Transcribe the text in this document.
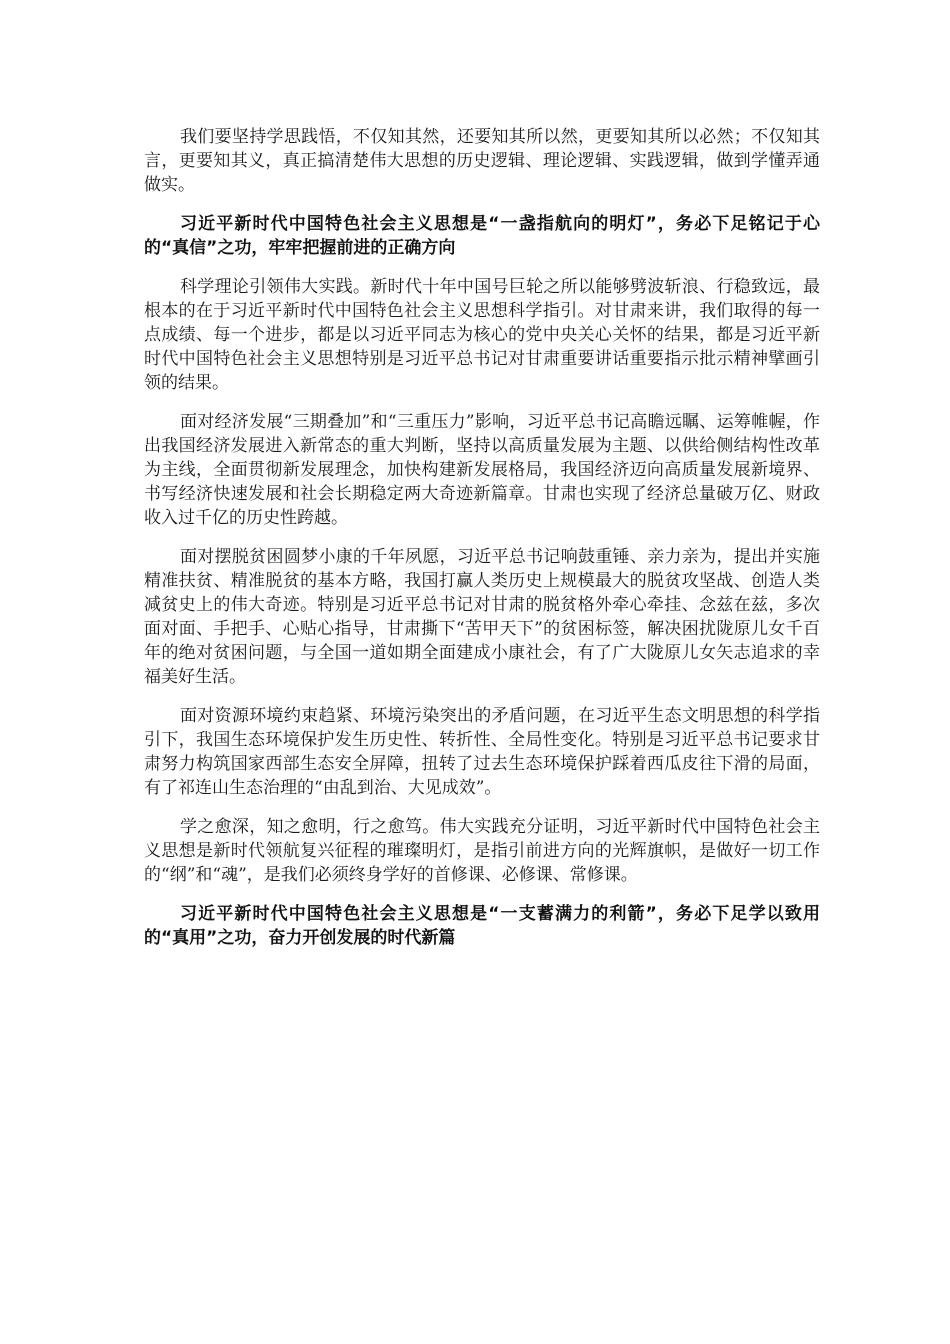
我们要坚持学思践悟，不仅知其然，还要知其所以然，更要知其所以必然；不仅知其言，更要知其义，真正搞清楚伟大思想的历史逻辑、理论逻辑、实践逻辑，做到学懂弄通做实。

习近平新时代中国特色社会主义思想是“一盏指航向的明灯”，务必下足铭记于心的“真信”之功，牢牢把握前进的正确方向

科学理论引领伟大实践。新时代十年中国号巨轮之所以能够劈波斩浪、行稳致远，最根本的在于习近平新时代中国特色社会主义思想科学指引。对甘肃来讲，我们取得的每一点成绩、每一个进步，都是以习近平同志为核心的党中央关心关怀的结果，都是习近平新时代中国特色社会主义思想特别是习近平总书记对甘肃重要讲话重要指示批示精神擘画引领的结果。

面对经济发展“三期叠加”和“三重压力”影响，习近平总书记高瞻远瞩、运筹帷幄，作出我国经济发展进入新常态的重大判断，坚持以高质量发展为主题、以供给侧结构性改革为主线，全面贯彻新发展理念，加快构建新发展格局，我国经济迈向高质量发展新境界、书写经济快速发展和社会长期稳定两大奇迹新篇章。甘肃也实现了经济总量破万亿、财政收入过千亿的历史性跨越。

面对摆脱贫困圆梦小康的千年夙愿，习近平总书记响鼓重锤、亲力亲为，提出并实施精准扶贫、精准脱贫的基本方略，我国打赢人类历史上规模最大的脱贫攻坚战、创造人类减贫史上的伟大奇迹。特别是习近平总书记对甘肃的脱贫格外牵心牵挂、念兹在兹，多次面对面、手把手、心贴心指导，甘肃撕下“苦甲天下”的贫困标签，解决困扰陇原儿女千百年的绝对贫困问题，与全国一道如期全面建成小康社会，有了广大陇原儿女矢志追求的幸福美好生活。

面对资源环境约束趋紧、环境污染突出的矛盾问题，在习近平生态文明思想的科学指引下，我国生态环境保护发生历史性、转折性、全局性变化。特别是习近平总书记要求甘肃努力构筑国家西部生态安全屏障，扭转了过去生态环境保护踩着西瓜皮往下滑的局面，有了祁连山生态治理的“由乱到治、大见成效”。

学之愈深，知之愈明，行之愈笃。伟大实践充分证明，习近平新时代中国特色社会主义思想是新时代领航复兴征程的璀璨明灯，是指引前进方向的光辉旗帜，是做好一切工作的“纲”和“魂”，是我们必须终身学好的首修课、必修课、常修课。

习近平新时代中国特色社会主义思想是“一支蓄满力的利箭”，务必下足学以致用的“真用”之功，奋力开创发展的时代新篇
